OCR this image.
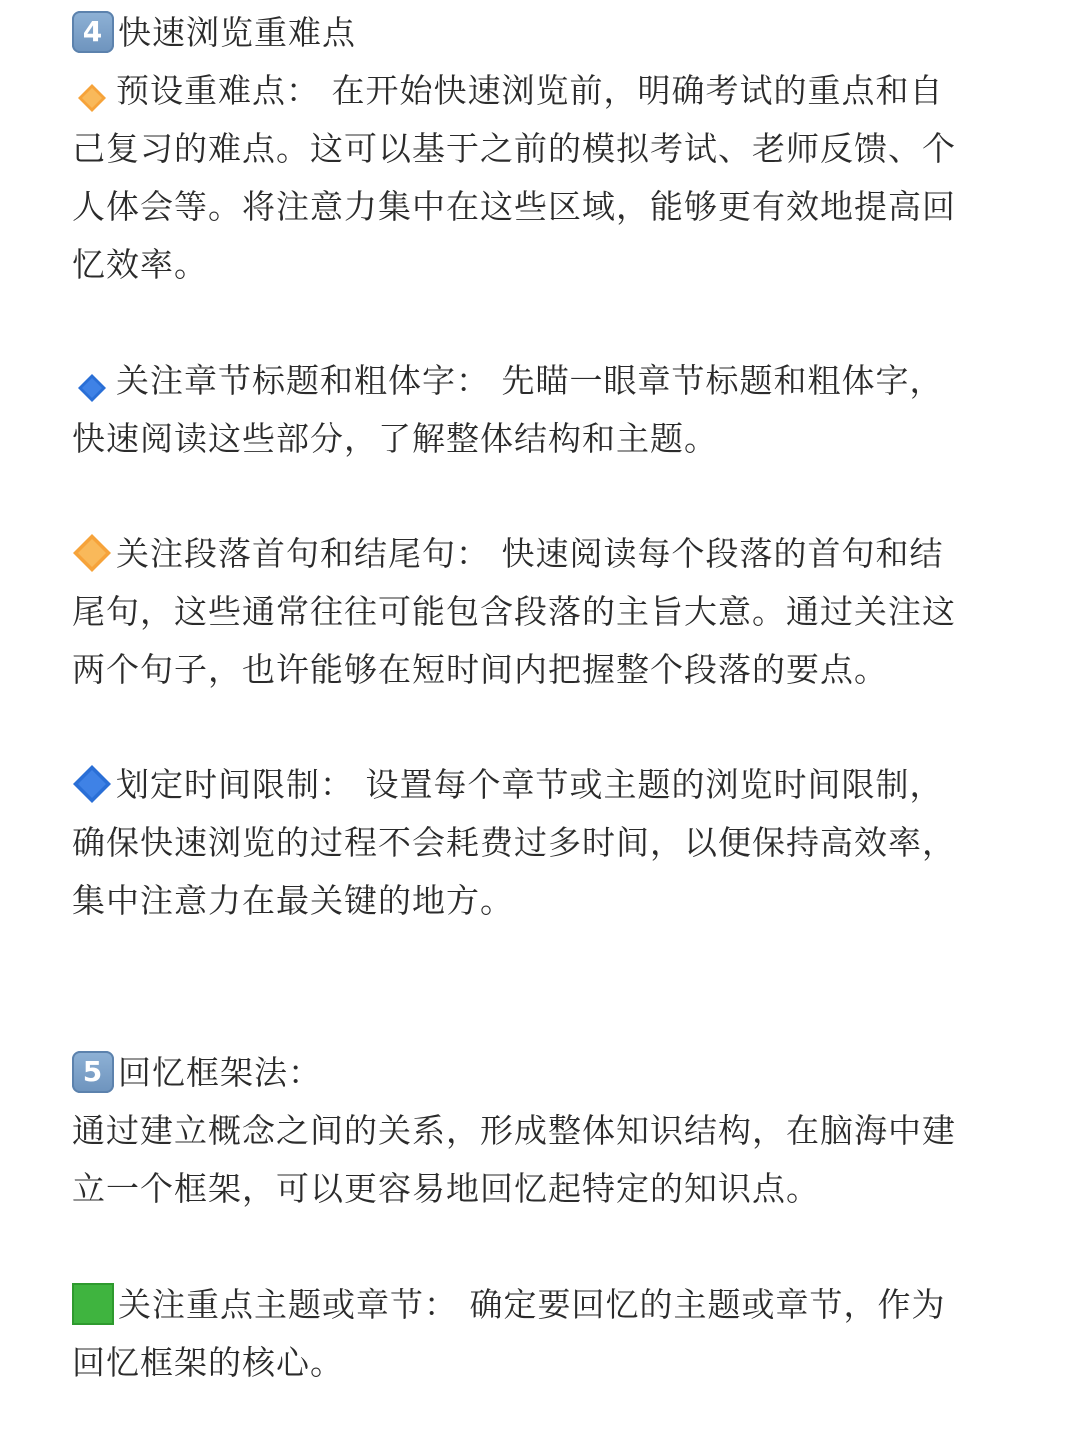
4 快速浏览重难点
预设重难点： 在开始快速浏览前，明确考试的重点和自
己复习的难点。这可以基于之前的模拟考试、老师反馈、个
人体会等。将注意力集中在这些区域，能够更有效地提高回
忆效率。
关注章节标题和粗体字： 先瞄一眼章节标题和粗体字，
快速阅读这些部分，了解整体结构和主题。
关注段落首句和结尾句： 快速阅读每个段落的首句和结
尾句，这些通常往往可能包含段落的主旨大意。通过关注这
两个句子，也许能够在短时间内把握整个段落的要点。
划定时间限制： 设置每个章节或主题的浏览时间限制，
确保快速浏览的过程不会耗费过多时间，以便保持高效率，
集中注意力在最关键的地方。
5 回忆框架法：
通过建立概念之间的关系，形成整体知识结构，在脑海中建
立一个框架，可以更容易地回忆起特定的知识点。
关注重点主题或章节： 确定要回忆的主题或章节，作为
回忆框架的核心。
